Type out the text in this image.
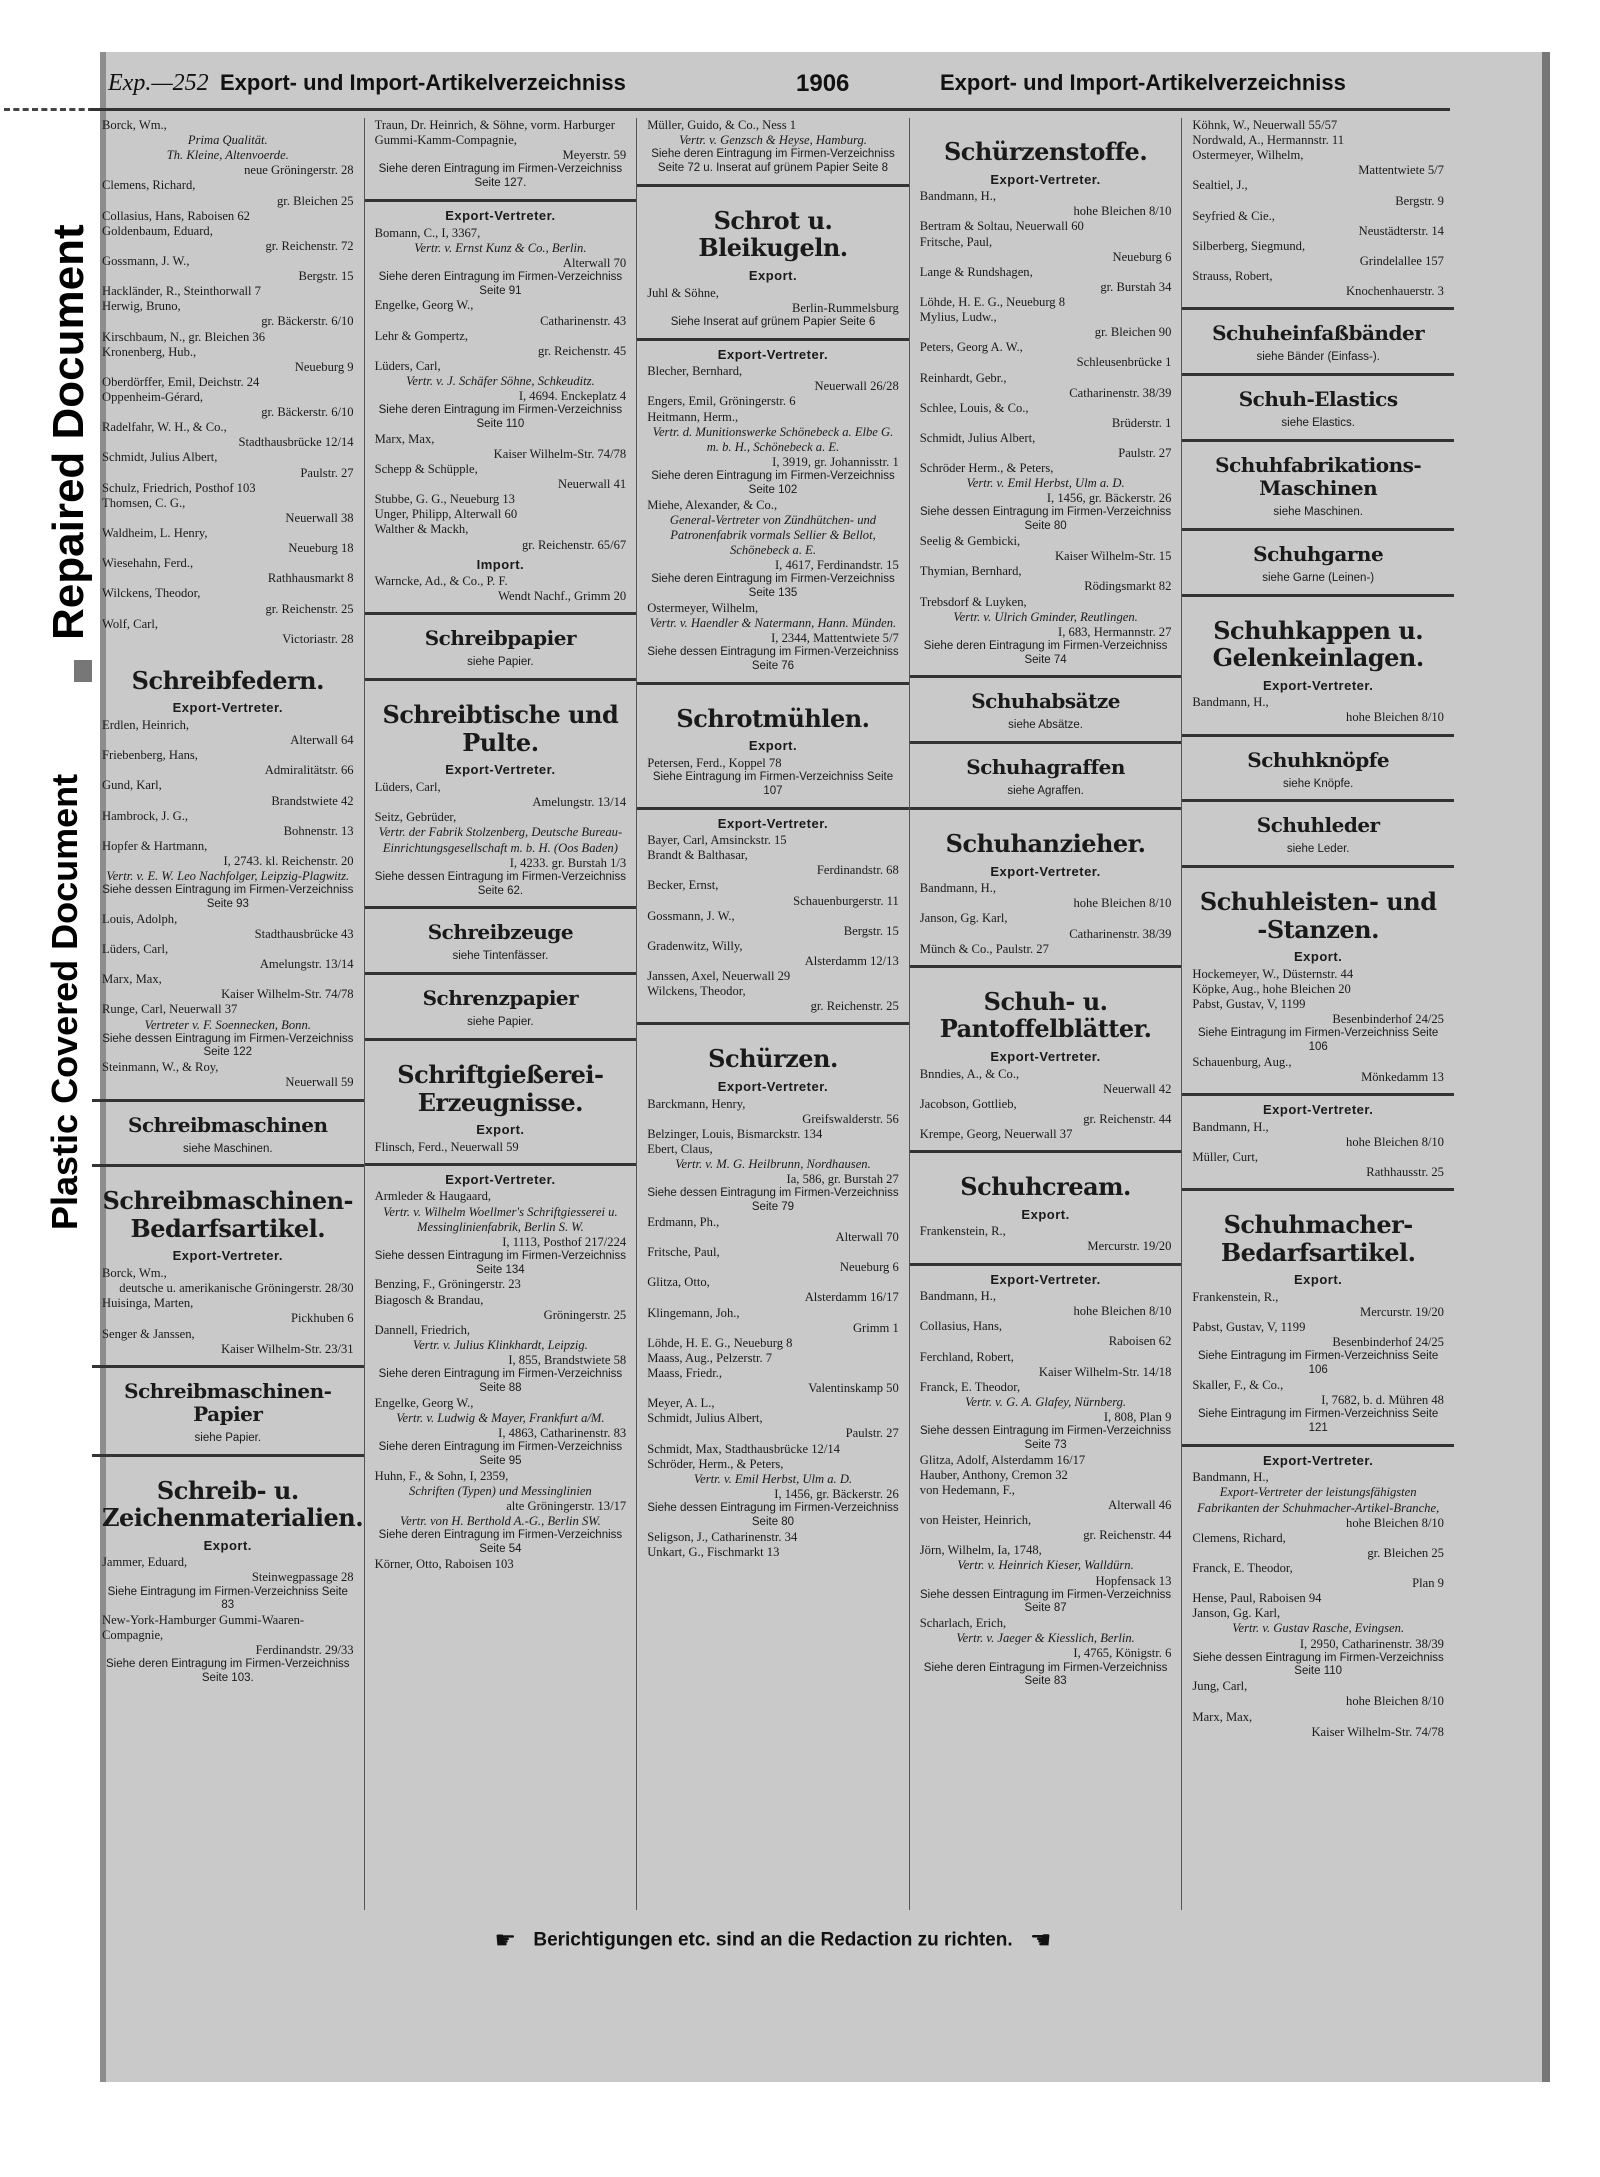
Repaired Document
Plastic Covered Document
Exp.—252 Export- und Import-Artikelverzeichniss	1906	Export- und Import-Artikelverzeichniss
Borck, Wm.,
Prima Qualität.
Th. Kleine, Altenvoerde.
neue Gröningerstr. 28
Clemens, Richard,
gr. Bleichen 25
Collasius, Hans, Raboisen 62
Goldenbaum, Eduard,
gr. Reichenstr. 72
Gossmann, J. W.,
Bergstr. 15
Hackländer, R., Steinthorwall 7
Herwig, Bruno,
gr. Bäckerstr. 6/10
Kirschbaum, N., gr. Bleichen 36
Kronenberg, Hub.,
Neueburg 9
Oberdörffer, Emil, Deichstr. 24
Oppenheim-Gérard,
gr. Bäckerstr. 6/10
Radelfahr, W. H., & Co.,
Stadthausbrücke 12/14
Schmidt, Julius Albert,
Paulstr. 27
Schulz, Friedrich, Posthof 103
Thomsen, C. G.,
Neuerwall 38
Waldheim, L. Henry,
Neueburg 18
Wiesehahn, Ferd.,
Rathhausmarkt 8
Wilckens, Theodor,
gr. Reichenstr. 25
Wolf, Carl,
Victoriastr. 28
Schreibfedern.
Export-Vertreter.
Erdlen, Heinrich,
Alterwall 64
Friebenberg, Hans,
Admiralitätstr. 66
Gund, Karl,
Brandstwiete 42
Hambrock, J. G.,
Bohnenstr. 13
Hopfer & Hartmann,
I, 2743. kl. Reichenstr. 20
Vertr. v. E. W. Leo Nachfolger, Leipzig-Plagwitz.
Siehe dessen Eintragung im Firmen-Verzeichniss Seite 93
Louis, Adolph,
Stadthausbrücke 43
Lüders, Carl,
Amelungstr. 13/14
Marx, Max,
Kaiser Wilhelm-Str. 74/78
Runge, Carl, Neuerwall 37
Vertreter v. F. Soennecken, Bonn.
Siehe dessen Eintragung im Firmen-Verzeichniss Seite 122
Steinmann, W., & Roy,
Neuerwall 59
Schreibmaschinen
siehe Maschinen.
Schreibmaschinen-Bedarfsartikel.
Export-Vertreter.
Borck, Wm.,
deutsche u. amerikanische Gröningerstr. 28/30
Huisinga, Marten,
Pickhuben 6
Senger & Janssen,
Kaiser Wilhelm-Str. 23/31
Schreibmaschinen-Papier
siehe Papier.
Schreib- u. Zeichenmaterialien.
Export.
Jammer, Eduard,
Steinwegpassage 28
Siehe Eintragung im Firmen-Verzeichniss Seite 83
New-York-Hamburger Gummi-Waaren-Compagnie,
Ferdinandstr. 29/33
Siehe deren Eintragung im Firmen-Verzeichniss Seite 103.
Traun, Dr. Heinrich, & Söhne, vorm. Harburger Gummi-Kamm-Compagnie,
Meyerstr. 59
Siehe deren Eintragung im Firmen-Verzeichniss Seite 127.
Export-Vertreter.
Bomann, C., I, 3367,
Vertr. v. Ernst Kunz & Co., Berlin.
Alterwall 70
Siehe deren Eintragung im Firmen-Verzeichniss Seite 91
Engelke, Georg W.,
Catharinenstr. 43
Lehr & Gompertz,
gr. Reichenstr. 45
Lüders, Carl,
Vertr. v. J. Schäfer Söhne, Schkeuditz.
I, 4694. Enckeplatz 4
Siehe deren Eintragung im Firmen-Verzeichniss Seite 110
Marx, Max,
Kaiser Wilhelm-Str. 74/78
Schepp & Schüpple,
Neuerwall 41
Stubbe, G. G., Neueburg 13
Unger, Philipp, Alterwall 60
Walther & Mackh,
gr. Reichenstr. 65/67
Import.
Warncke, Ad., & Co., P. F.
Wendt Nachf., Grimm 20
Schreibpapier
siehe Papier.
Schreibtische und Pulte.
Export-Vertreter.
Lüders, Carl,
Amelungstr. 13/14
Seitz, Gebrüder,
Vertr. der Fabrik Stolzenberg, Deutsche Bureau-Einrichtungsgesellschaft m. b. H. (Oos Baden)
I, 4233. gr. Burstah 1/3
Siehe dessen Eintragung im Firmen-Verzeichniss Seite 62.
Schreibzeuge
siehe Tintenfässer.
Schrenzpapier
siehe Papier.
Schriftgießerei-Erzeugnisse.
Export.
Flinsch, Ferd., Neuerwall 59
Export-Vertreter.
Armleder & Haugaard,
Vertr. v. Wilhelm Woellmer's Schriftgiesserei u. Messinglinienfabrik, Berlin S. W.
I, 1113, Posthof 217/224
Siehe dessen Eintragung im Firmen-Verzeichniss Seite 134
Benzing, F., Gröningerstr. 23
Biagosch & Brandau,
Gröningerstr. 25
Dannell, Friedrich,
Vertr. v. Julius Klinkhardt, Leipzig.
I, 855, Brandstwiete 58
Siehe deren Eintragung im Firmen-Verzeichniss Seite 88
Engelke, Georg W.,
Vertr. v. Ludwig & Mayer, Frankfurt a/M.
I, 4863, Catharinenstr. 83
Siehe deren Eintragung im Firmen-Verzeichniss Seite 95
Huhn, F., & Sohn, I, 2359,
Schriften (Typen) und Messinglinien
alte Gröningerstr. 13/17
Vertr. von H. Berthold A.-G., Berlin SW.
Siehe deren Eintragung im Firmen-Verzeichniss Seite 54
Körner, Otto, Raboisen 103
Müller, Guido, & Co., Ness 1
Vertr. v. Genzsch & Heyse, Hamburg.
Siehe deren Eintragung im Firmen-Verzeichniss Seite 72 u. Inserat auf grünem Papier Seite 8
Schrot u. Bleikugeln.
Export.
Juhl & Söhne,
Berlin-Rummelsburg
Siehe Inserat auf grünem Papier Seite 6
Export-Vertreter.
Blecher, Bernhard,
Neuerwall 26/28
Engers, Emil, Gröningerstr. 6
Heitmann, Herm.,
Vertr. d. Munitionswerke Schönebeck a. Elbe G. m. b. H., Schönebeck a. E.
I, 3919, gr. Johannisstr. 1
Siehe deren Eintragung im Firmen-Verzeichniss Seite 102
Miehe, Alexander, & Co.,
General-Vertreter von Zündhütchen- und Patronenfabrik vormals Sellier & Bellot, Schönebeck a. E.
I, 4617, Ferdinandstr. 15
Siehe deren Eintragung im Firmen-Verzeichniss Seite 135
Ostermeyer, Wilhelm,
Vertr. v. Haendler & Natermann, Hann. Münden.
I, 2344, Mattentwiete 5/7
Siehe dessen Eintragung im Firmen-Verzeichniss Seite 76
Schrotmühlen.
Export.
Petersen, Ferd., Koppel 78
Siehe Eintragung im Firmen-Verzeichniss Seite 107
Export-Vertreter.
Bayer, Carl, Amsinckstr. 15
Brandt & Balthasar,
Ferdinandstr. 68
Becker, Ernst,
Schauenburgerstr. 11
Gossmann, J. W.,
Bergstr. 15
Gradenwitz, Willy,
Alsterdamm 12/13
Janssen, Axel, Neuerwall 29
Wilckens, Theodor,
gr. Reichenstr. 25
Schürzen.
Export-Vertreter.
Barckmann, Henry,
Greifswalderstr. 56
Belzinger, Louis, Bismarckstr. 134
Ebert, Claus,
Vertr. v. M. G. Heilbrunn, Nordhausen.
Ia, 586, gr. Burstah 27
Siehe dessen Eintragung im Firmen-Verzeichniss Seite 79
Erdmann, Ph.,
Alterwall 70
Fritsche, Paul,
Neueburg 6
Glitza, Otto,
Alsterdamm 16/17
Klingemann, Joh.,
Grimm 1
Löhde, H. E. G., Neueburg 8
Maass, Aug., Pelzerstr. 7
Maass, Friedr.,
Valentinskamp 50
Meyer, A. L.,
Schmidt, Julius Albert,
Paulstr. 27
Schmidt, Max, Stadthausbrücke 12/14
Schröder, Herm., & Peters,
Vertr. v. Emil Herbst, Ulm a. D.
I, 1456, gr. Bäckerstr. 26
Siehe dessen Eintragung im Firmen-Verzeichniss Seite 80
Seligson, J., Catharinenstr. 34
Unkart, G., Fischmarkt 13
Schürzenstoffe.
Export-Vertreter.
Bandmann, H.,
hohe Bleichen 8/10
Bertram & Soltau, Neuerwall 60
Fritsche, Paul,
Neueburg 6
Lange & Rundshagen,
gr. Burstah 34
Löhde, H. E. G., Neueburg 8
Mylius, Ludw.,
gr. Bleichen 90
Peters, Georg A. W.,
Schleusenbrücke 1
Reinhardt, Gebr.,
Catharinenstr. 38/39
Schlee, Louis, & Co.,
Brüderstr. 1
Schmidt, Julius Albert,
Paulstr. 27
Schröder Herm., & Peters,
Vertr. v. Emil Herbst, Ulm a. D.
I, 1456, gr. Bäckerstr. 26
Siehe dessen Eintragung im Firmen-Verzeichniss Seite 80
Seelig & Gembicki,
Kaiser Wilhelm-Str. 15
Thymian, Bernhard,
Rödingsmarkt 82
Trebsdorf & Luyken,
Vertr. v. Ulrich Gminder, Reutlingen.
I, 683, Hermannstr. 27
Siehe deren Eintragung im Firmen-Verzeichniss Seite 74
Schuhabsätze
siehe Absätze.
Schuhagraffen
siehe Agraffen.
Schuhanzieher.
Export-Vertreter.
Bandmann, H.,
hohe Bleichen 8/10
Janson, Gg. Karl,
Catharinenstr. 38/39
Münch & Co., Paulstr. 27
Schuh- u. Pantoffelblätter.
Export-Vertreter.
Bnndies, A., & Co.,
Neuerwall 42
Jacobson, Gottlieb,
gr. Reichenstr. 44
Krempe, Georg, Neuerwall 37
Schuhcream.
Export.
Frankenstein, R.,
Mercurstr. 19/20
Export-Vertreter.
Bandmann, H.,
hohe Bleichen 8/10
Collasius, Hans,
Raboisen 62
Ferchland, Robert,
Kaiser Wilhelm-Str. 14/18
Franck, E. Theodor,
Vertr. v. G. A. Glafey, Nürnberg.
I, 808, Plan 9
Siehe dessen Eintragung im Firmen-Verzeichniss Seite 73
Glitza, Adolf, Alsterdamm 16/17
Hauber, Anthony, Cremon 32
von Hedemann, F.,
Alterwall 46
von Heister, Heinrich,
gr. Reichenstr. 44
Jörn, Wilhelm, Ia, 1748,
Vertr. v. Heinrich Kieser, Walldürn.
Hopfensack 13
Siehe dessen Eintragung im Firmen-Verzeichniss Seite 87
Scharlach, Erich,
Vertr. v. Jaeger & Kiesslich, Berlin.
I, 4765, Königstr. 6
Siehe deren Eintragung im Firmen-Verzeichniss Seite 83
Köhnk, W., Neuerwall 55/57
Nordwald, A., Hermannstr. 11
Ostermeyer, Wilhelm,
Mattentwiete 5/7
Sealtiel, J.,
Bergstr. 9
Seyfried & Cie.,
Neustädterstr. 14
Silberberg, Siegmund,
Grindelallee 157
Strauss, Robert,
Knochenhauerstr. 3
Schuheinfaßbänder
siehe Bänder (Einfass-).
Schuh-Elastics
siehe Elastics.
Schuhfabrikations-Maschinen
siehe Maschinen.
Schuhgarne
siehe Garne (Leinen-)
Schuhkappen u. Gelenkeinlagen.
Export-Vertreter.
Bandmann, H.,
hohe Bleichen 8/10
Schuhknöpfe
siehe Knöpfe.
Schuhleder
siehe Leder.
Schuhleisten- und -Stanzen.
Export.
Hockemeyer, W., Düsternstr. 44
Köpke, Aug., hohe Bleichen 20
Pabst, Gustav, V, 1199
Besenbinderhof 24/25
Siehe Eintragung im Firmen-Verzeichniss Seite 106
Schauenburg, Aug.,
Mönkedamm 13
Export-Vertreter.
Bandmann, H.,
hohe Bleichen 8/10
Müller, Curt,
Rathhausstr. 25
Schuhmacher-Bedarfsartikel.
Export.
Frankenstein, R.,
Mercurstr. 19/20
Pabst, Gustav, V, 1199
Besenbinderhof 24/25
Siehe Eintragung im Firmen-Verzeichniss Seite 106
Skaller, F., & Co.,
I, 7682, b. d. Mühren 48
Siehe Eintragung im Firmen-Verzeichniss Seite 121
Export-Vertreter.
Bandmann, H.,
Export-Vertreter der leistungsfähigsten Fabrikanten der Schuhmacher-Artikel-Branche,
hohe Bleichen 8/10
Clemens, Richard,
gr. Bleichen 25
Franck, E. Theodor,
Plan 9
Hense, Paul, Raboisen 94
Janson, Gg. Karl,
Vertr. v. Gustav Rasche, Evingsen.
I, 2950, Catharinenstr. 38/39
Siehe dessen Eintragung im Firmen-Verzeichniss Seite 110
Jung, Carl,
hohe Bleichen 8/10
Marx, Max,
Kaiser Wilhelm-Str. 74/78
☛ Berichtigungen etc. sind an die Redaction zu richten. ☚
